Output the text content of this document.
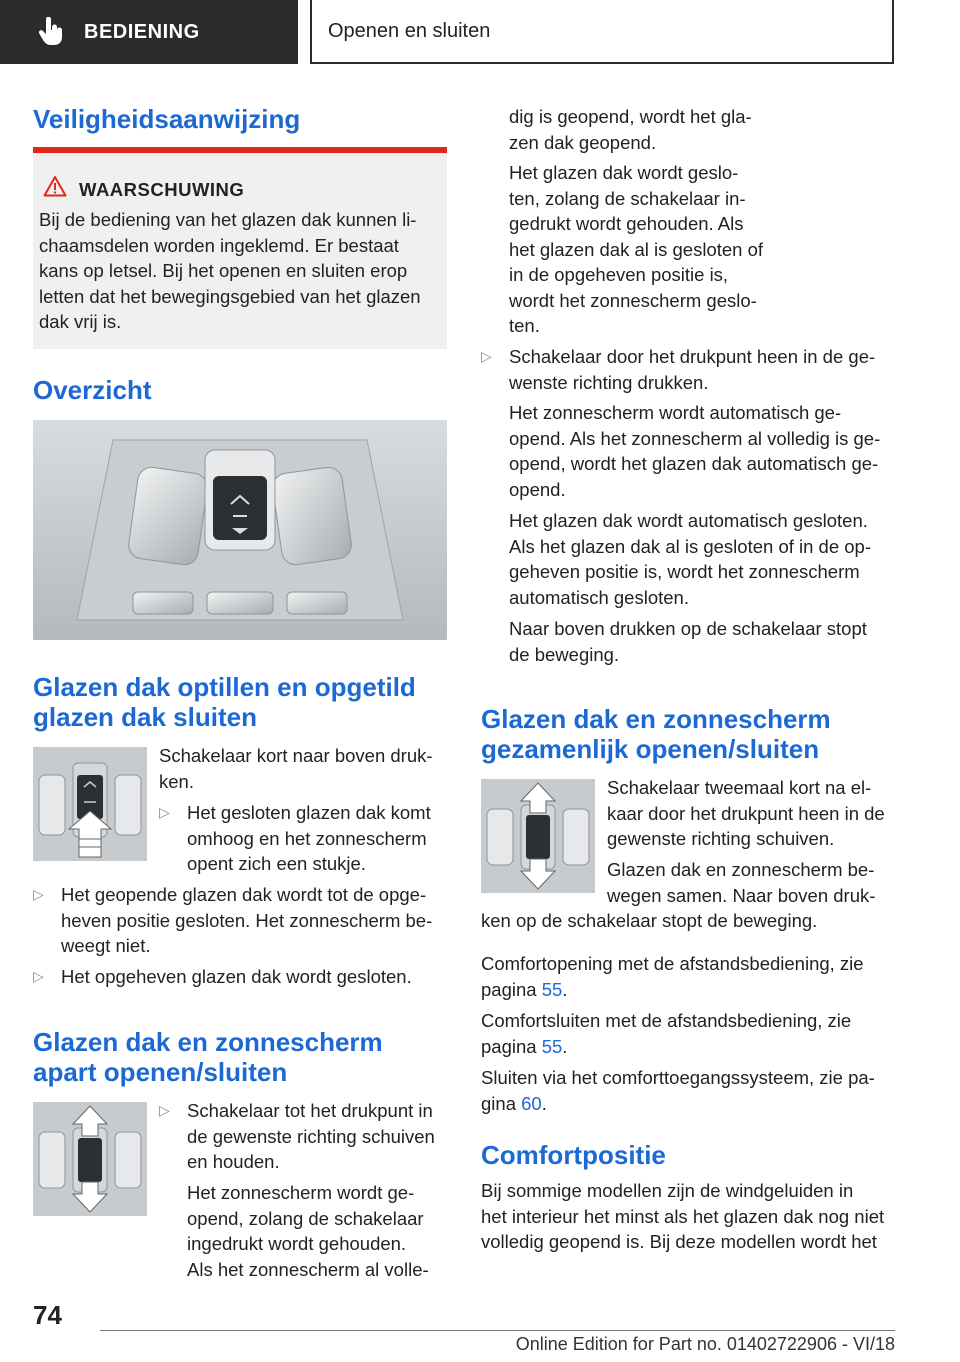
BEDIENING	Openen en sluiten
Veiligheidsaanwijzing
WAARSCHUWING
Bij de bediening van het glazen dak kunnen li-
chaamsdelen worden ingeklemd. Er bestaat
kans op letsel. Bij het openen en sluiten erop
letten dat het bewegingsgebied van het glazen
dak vrij is.
Overzicht
Glazen dak optillen en opgetild
glazen dak sluiten
Schakelaar kort naar boven druk-
ken.
▷ Het gesloten glazen dak komt
omhoog en het zonnescherm
opent zich een stukje.
▷ Het geopende glazen dak wordt tot de opge-
heven positie gesloten. Het zonnescherm be-
weegt niet.
▷ Het opgeheven glazen dak wordt gesloten.
Glazen dak en zonnescherm
apart openen/sluiten
▷ Schakelaar tot het drukpunt in
de gewenste richting schuiven
en houden.
Het zonnescherm wordt ge-
opend, zolang de schakelaar
ingedrukt wordt gehouden.
Als het zonnescherm al volle-
dig is geopend, wordt het gla-
zen dak geopend.
Het glazen dak wordt geslo-
ten, zolang de schakelaar in-
gedrukt wordt gehouden. Als
het glazen dak al is gesloten of
in de opgeheven positie is,
wordt het zonnescherm geslo-
ten.
▷ Schakelaar door het drukpunt heen in de ge-
wenste richting drukken.
Het zonnescherm wordt automatisch ge-
opend. Als het zonnescherm al volledig is ge-
opend, wordt het glazen dak automatisch ge-
opend.
Het glazen dak wordt automatisch gesloten.
Als het glazen dak al is gesloten of in de op-
geheven positie is, wordt het zonnescherm
automatisch gesloten.
Naar boven drukken op de schakelaar stopt
de beweging.
Glazen dak en zonnescherm
gezamenlijk openen/sluiten
Schakelaar tweemaal kort na el-
kaar door het drukpunt heen in de
gewenste richting schuiven.
Glazen dak en zonnescherm be-
wegen samen. Naar boven druk-
ken op de schakelaar stopt de beweging.
Comfortopening met de afstandsbediening, zie
pagina 55.
Comfortsluiten met de afstandsbediening, zie
pagina 55.
Sluiten via het comforttoegangssysteem, zie pa-
gina 60.
Comfortpositie
Bij sommige modellen zijn de windgeluiden in
het interieur het minst als het glazen dak nog niet
volledig geopend is. Bij deze modellen wordt het
74
Online Edition for Part no. 01402722906 - VI/18
